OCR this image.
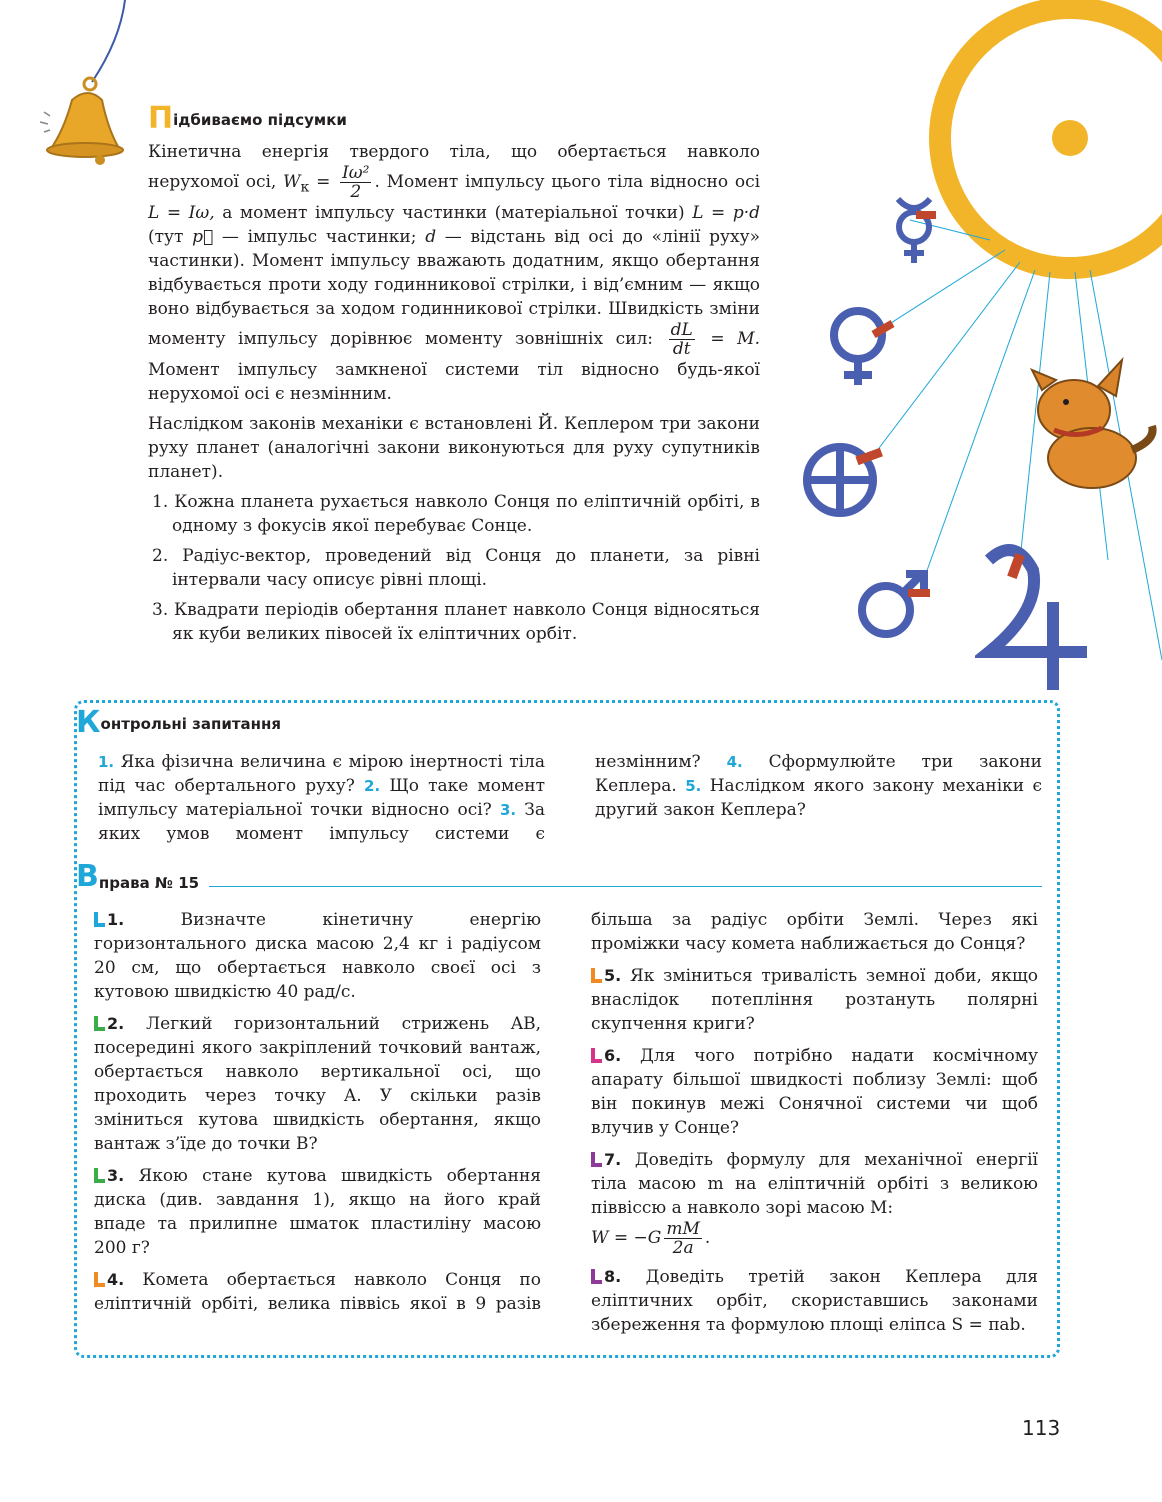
Підбиваємо підсумки

Кінетична енергія твердого тіла, що обертається навколо нерухомої осі, $W_к = \frac{\text{Iω²}}{2}$ . Момент імпульсу цього тіла відносно осі L = Iω, а момент імпульсу частинки (матеріальної точки) L = p·d (тут p⃗ — імпульс частинки; d — відстань від осі до «лінії руху» частинки). Момент імпульсу вважають додатним, якщо обертання відбувається проти ходу годинникової стрілки, і від’ємним — якщо воно відбувається за ходом годинникової стрілки. Швидкість зміни моменту імпульсу дорівнює моменту зовнішніх сил: $\frac{dL}{dt} = M$. Момент імпульсу замкненої системи тіл відносно будь-якої нерухомої осі є незмінним.

Наслідком законів механіки є встановлені Й. Кеплером три закони руху планет (аналогічні закони виконуються для руху супутників планет).

1. Кожна планета рухається навколо Сонця по еліптичній орбіті, в одному з фокусів якої перебуває Сонце.
2. Радіус-вектор, проведений від Сонця до планети, за рівні інтервали часу описує рівні площі.
3. Квадрати періодів обертання планет навколо Сонця відносяться як куби великих півосей їх еліптичних орбіт.
Контрольні запитання
1. Яка фізична величина є мірою інертності тіла під час обертального руху? 2. Що таке момент імпульсу матеріальної точки відносно осі? 3. За яких умов момент імпульсу системи є незмінним? 4. Сформулюйте три закони Кеплера. 5. Наслідком якого закону механіки є другий закон Кеплера?
В права № 15

1.	Визначте кінетичну енергію горизонтального диска масою 2,4 кг і радіусом 20 см, що обертається навколо своєї осі з кутовою швидкістю 40 рад/с.

2. Легкий горизонтальний стрижень AB, посередині якого закріплений точковий вантаж, обертається навколо вертикальної осі, що проходить через точку A. У скільки разів зміниться кутова швидкість обертання, якщо вантаж з’їде до точки B?

3. Якою стане кутова швидкість обертання диска (див. завдання 1), якщо на його край впаде та прилипне шматок пластиліну масою 200 г?

4. Комета обертається навколо Сонця по еліптичній орбіті, велика піввісь якої в 9 разів більша за радіус орбіти Землі. Через які проміжки часу комета наближається до Сонця?

5. Як зміниться тривалість земної доби, якщо внаслідок потепління розтануть полярні скупчення криги?

6. Для чого потрібно надати космічному апарату більшої швидкості поблизу Землі: щоб він покинув межі Сонячної системи чи щоб влучив у Сонце?

7. Доведіть формулу для механічної енергії тіла масою m на еліптичній орбіті з великою піввіссю a навколо зорі масою M:
$W = -G \frac{mM}{2a}$ .

8. Доведіть третій закон Кеплера для еліптичних орбіт, скориставшись законами збереження та формулою площі еліпса S = πab.

113
